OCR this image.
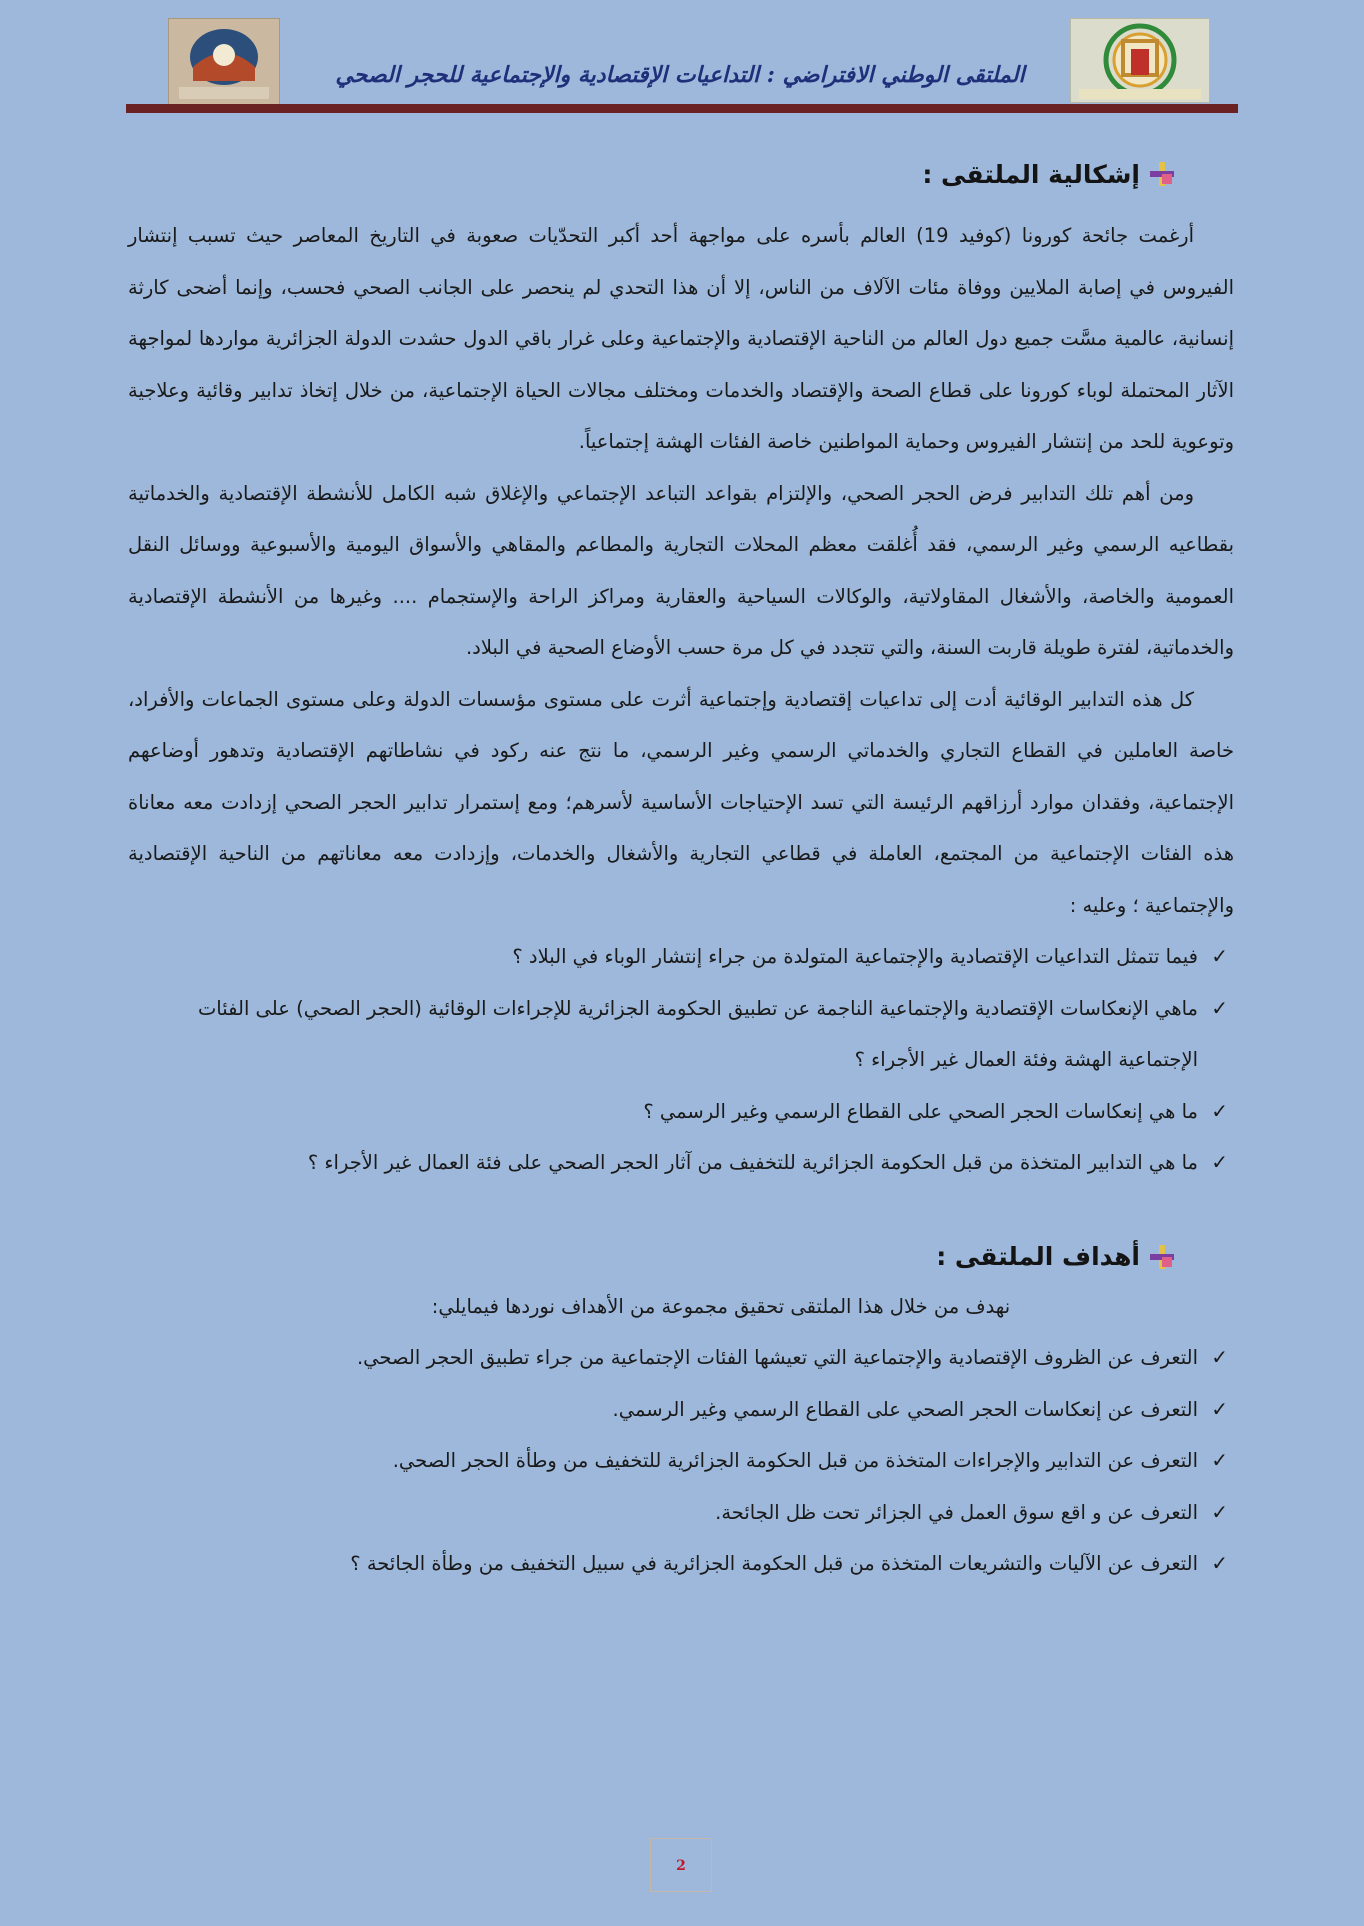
الملتقى الوطني الافتراضي : التداعيات الإقتصادية والإجتماعية للحجر الصحي
إشكالية الملتقى :

أرغمت جائحة كورونا (كوفيد 19) العالم بأسره على مواجهة أحد أكبر التحدّيات صعوبة في التاريخ المعاصر حيث تسبب إنتشار الفيروس في إصابة الملايين ووفاة مئات الآلاف من الناس، إلا أن هذا التحدي لم ينحصر على الجانب الصحي فحسب، وإنما أضحى كارثة إنسانية، عالمية مسَّت جميع دول العالم من الناحية الإقتصادية والإجتماعية وعلى غرار باقي الدول حشدت الدولة الجزائرية مواردها لمواجهة الآثار المحتملة لوباء كورونا على قطاع الصحة والإقتصاد والخدمات ومختلف مجالات الحياة الإجتماعية، من خلال إتخاذ تدابير وقائية وعلاجية وتوعوية للحد من إنتشار الفيروس وحماية المواطنين خاصة الفئات الهشة إجتماعياً.

ومن أهم تلك التدابير فرض الحجر الصحي، والإلتزام بقواعد التباعد الإجتماعي والإغلاق شبه الكامل للأنشطة الإقتصادية والخدماتية بقطاعيه الرسمي وغير الرسمي، فقد أُغلقت معظم المحلات التجارية والمطاعم والمقاهي والأسواق اليومية والأسبوعية ووسائل النقل العمومية والخاصة، والأشغال المقاولاتية، والوكالات السياحية والعقارية ومراكز الراحة والإستجمام .... وغيرها من الأنشطة الإقتصادية والخدماتية، لفترة طويلة قاربت السنة، والتي تتجدد في كل مرة حسب الأوضاع الصحية في البلاد.

كل هذه التدابير الوقائية أدت إلى تداعيات إقتصادية وإجتماعية أثرت على مستوى مؤسسات الدولة وعلى مستوى الجماعات والأفراد، خاصة العاملين في القطاع التجاري والخدماتي الرسمي وغير الرسمي، ما نتج عنه ركود في نشاطاتهم الإقتصادية وتدهور أوضاعهم الإجتماعية، وفقدان موارد أرزاقهم الرئيسة التي تسد الإحتياجات الأساسية لأسرهم؛ ومع إستمرار تدابير الحجر الصحي إزدادت معه معاناة هذه الفئات الإجتماعية من المجتمع، العاملة في قطاعي التجارية والأشغال والخدمات، وإزدادت معه معاناتهم من الناحية الإقتصادية والإجتماعية ؛ وعليه :

✓
فيما تتمثل التداعيات الإقتصادية والإجتماعية المتولدة من جراء إنتشار الوباء في البلاد ؟
✓
ماهي الإنعكاسات الإقتصادية والإجتماعية الناجمة عن تطبيق الحكومة الجزائرية للإجراءات الوقائية (الحجر الصحي) على الفئات الإجتماعية الهشة وفئة العمال غير الأجراء ؟
✓
ما هي إنعكاسات الحجر الصحي على القطاع الرسمي وغير الرسمي ؟
✓
ما هي التدابير المتخذة من قبل الحكومة الجزائرية للتخفيف من آثار الحجر الصحي على فئة العمال غير الأجراء ؟
أهداف الملتقى :
نهدف من خلال هذا الملتقى تحقيق مجموعة من الأهداف نوردها فيمايلي:
✓
التعرف عن الظروف الإقتصادية والإجتماعية التي تعيشها الفئات الإجتماعية من جراء تطبيق الحجر الصحي.
✓
التعرف عن إنعكاسات الحجر الصحي على القطاع الرسمي وغير الرسمي.
✓
التعرف عن التدابير والإجراءات المتخذة من قبل الحكومة الجزائرية للتخفيف من وطأة الحجر الصحي.
✓
التعرف عن و اقع سوق العمل في الجزائر تحت ظل الجائحة.
✓
التعرف عن الآليات والتشريعات المتخذة من قبل الحكومة الجزائرية في سبيل التخفيف من وطأة الجائحة ؟
2
